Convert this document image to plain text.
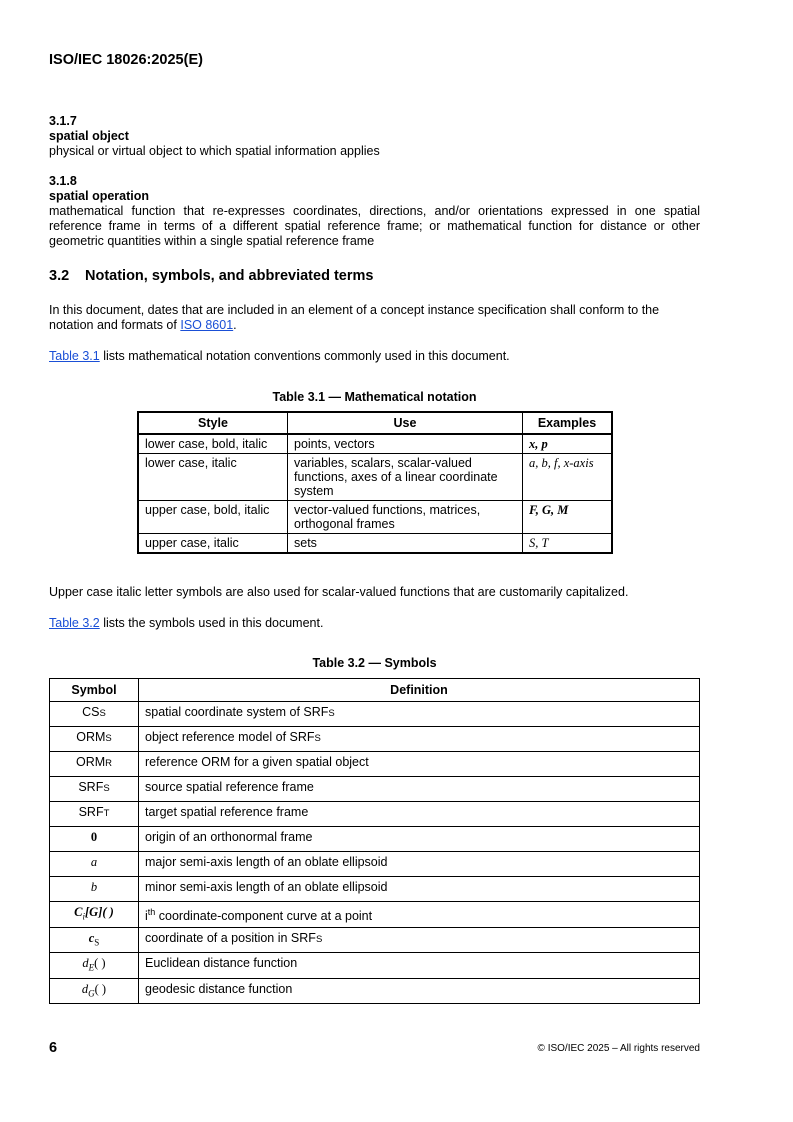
ISO/IEC 18026:2025(E)
3.1.7
spatial object
physical or virtual object to which spatial information applies
3.1.8
spatial operation
mathematical function that re-expresses coordinates, directions, and/or orientations expressed in one spatial reference frame in terms of a different spatial reference frame; or mathematical function for distance or other geometric quantities within a single spatial reference frame
3.2 Notation, symbols, and abbreviated terms
In this document, dates that are included in an element of a concept instance specification shall conform to the notation and formats of ISO 8601.
Table 3.1 lists mathematical notation conventions commonly used in this document.
Table 3.1 — Mathematical notation
Style	Use	Examples
lower case, bold, italic	points, vectors	x, p
lower case, italic	variables, scalars, scalar-valued functions, axes of a linear coordinate system	a, b, f, x-axis
upper case, bold, italic	vector-valued functions, matrices, orthogonal frames	F, G, M
upper case, italic	sets	S, T
Upper case italic letter symbols are also used for scalar-valued functions that are customarily capitalized.
Table 3.2 lists the symbols used in this document.
Table 3.2 — Symbols
Symbol	Definition
CSS	spatial coordinate system of SRFS
ORMS	object reference model of SRFS
ORMR	reference ORM for a given spatial object
SRFS	source spatial reference frame
SRFT	target spatial reference frame
0	origin of an orthonormal frame
a	major semi-axis length of an oblate ellipsoid
b	minor semi-axis length of an oblate ellipsoid
$C_i[G]$( )	$i^{th}$ coordinate-component curve at a point
$c_S$	coordinate of a position in SRFS
$d_E$( )	Euclidean distance function
$d_G$( )	geodesic distance function
6	© ISO/IEC 2025 – All rights reserved
